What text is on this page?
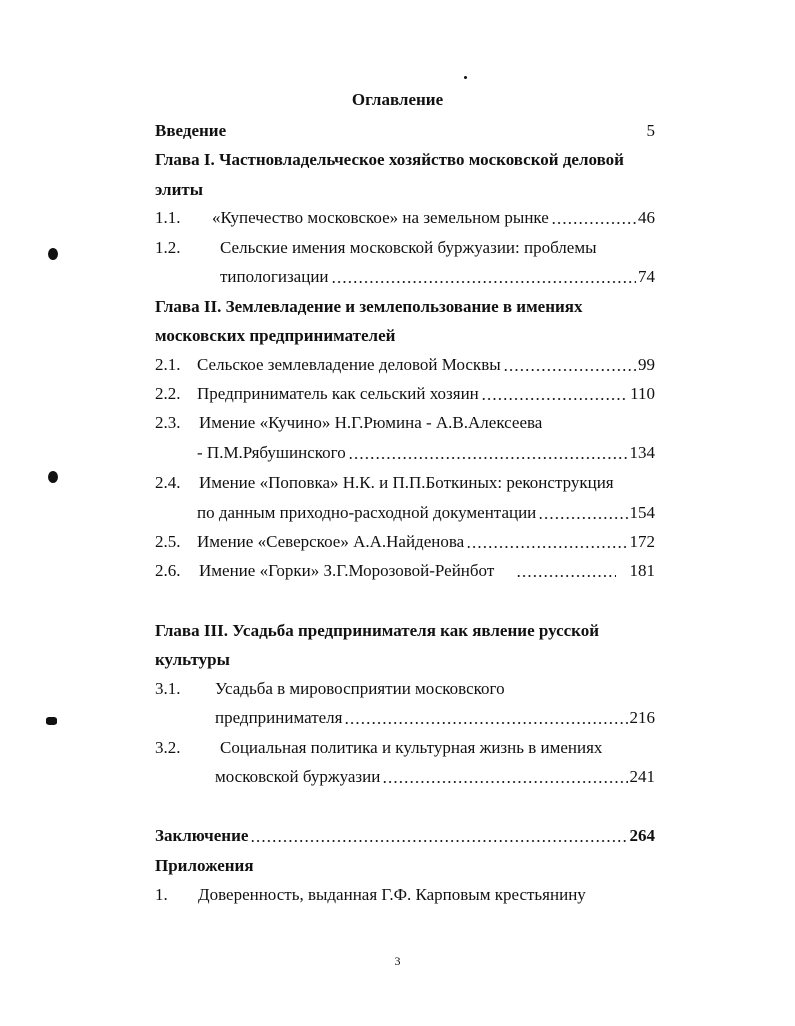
Оглавление
Введение	5
Глава I. Частновладельческое хозяйство московской деловой
элиты
1.1. «Купечество московское» на земельном рынке	46
1.2. Сельские имения московской буржуазии: проблемы
типологизации	74
Глава II. Землевладение и землепользование в имениях
московских предпринимателей
2.1. Сельское землевладение деловой Москвы	99
2.2. Предприниматель как сельский хозяин	110
2.3. Имение «Кучино» Н.Г.Рюмина - А.В.Алексеева
- П.М.Рябушинского	134
2.4. Имение «Поповка» Н.К. и П.П.Боткиных: реконструкция
по данным приходно-расходной документации	154
2.5. Имение «Северское» А.А.Найденова	172
2.6. Имение «Горки» З.Г.Морозовой-Рейнбот	181
Глава III. Усадьба предпринимателя как явление русской
культуры
3.1. Усадьба в мировосприятии московского
предпринимателя	216
3.2. Социальная политика и культурная жизнь в имениях
московской буржуазии	241
Заключение	264
Приложения
1. Доверенность, выданная Г.Ф. Карповым крестьянину
3
